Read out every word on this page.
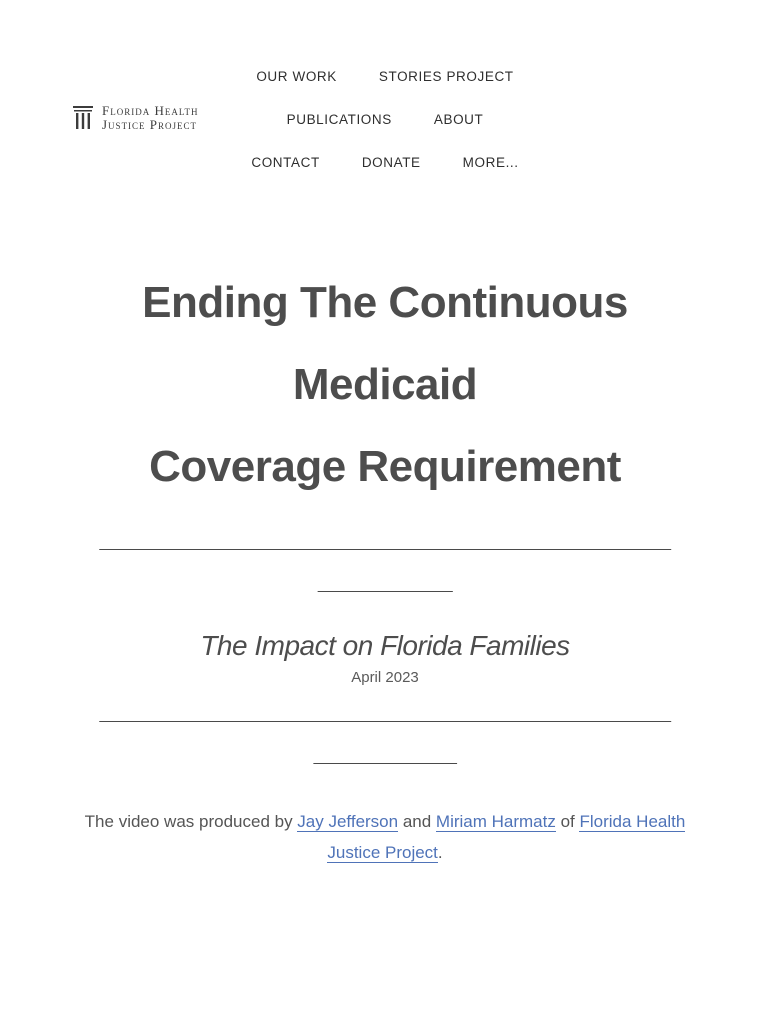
Florida Health
Justice Project
OUR WORK	STORIES PROJECT
PUBLICATIONS	ABOUT
CONTACT	DONATE	MORE...
Ending The Continuous
Medicaid
Coverage Requirement
____________________________________________________________________
________________
The Impact on Florida Families
April 2023
____________________________________________________________________
_________________

The video was produced by Jay Jefferson and Miriam Harmatz of Florida Health Justice Project.
